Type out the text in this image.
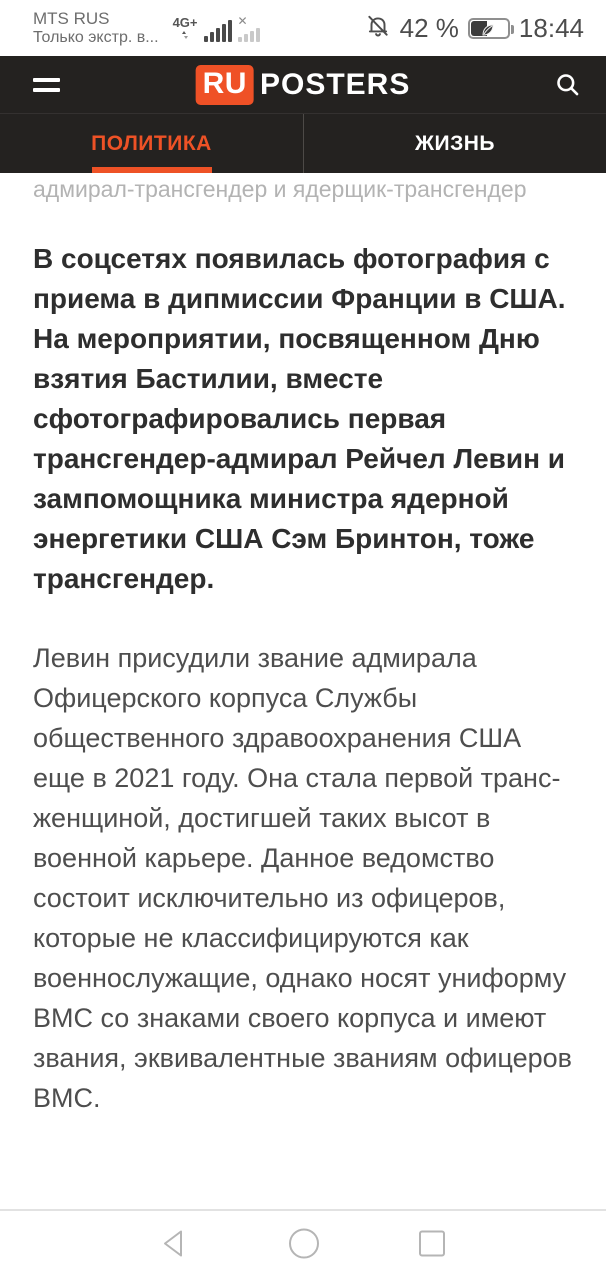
MTS RUS
Только экстр. в...
4G+	✕	42 % 18:44
RU POSTERS
ПОЛИТИКА	ЖИЗНЬ
адмирал-трансгендер и ядерщик-трансгендер
В соцсетях появилась фотография с приема в дипмиссии Франции в США. На мероприятии, посвященном Дню взятия Бастилии, вместе сфотографировались первая трансгендер-адмирал Рейчел Левин и зампомощника министра ядерной энергетики США Сэм Бринтон, тоже трансгендер.
Левин присудили звание адмирала Офицерского корпуса Службы общественного здравоохранения США еще в 2021 году. Она стала первой транс-женщиной, достигшей таких высот в военной карьере. Данное ведомство состоит исключительно из офицеров, которые не классифицируются как военнослужащие, однако носят униформу ВМС со знаками своего корпуса и имеют
звания, эквивалентные званиям офицеров ВМС.
